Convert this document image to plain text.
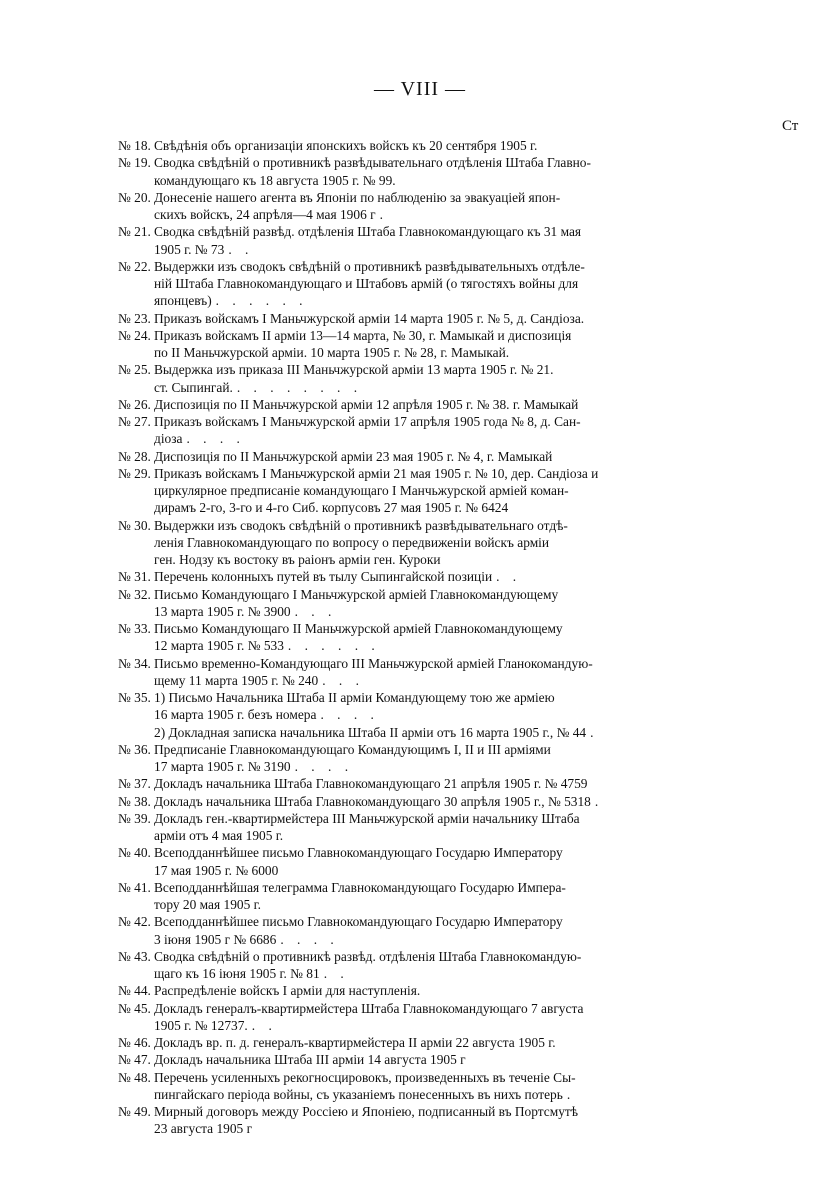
— VIII —
Ст
№ 18. Свѣдѣнія объ организаціи японскихъ войскъ къ 20 сентября 1905 г.
№ 19. Сводка свѣдѣній о противникѣ развѣдывательнаго отдѣленія Штаба Главно-
командующаго къ 18 августа 1905 г. № 99.
№ 20. Донесеніе нашего агента въ Японіи по наблюденію за эвакуаціей япон-
скихъ войскъ, 24 апрѣля—4 мая 1906 г .
№ 21. Сводка свѣдѣній развѣд. отдѣленія Штаба Главнокомандующаго къ 31 мая
1905 г. № 73 . .
№ 22. Выдержки изъ сводокъ свѣдѣній о противникѣ развѣдывательныхъ отдѣле-
ній Штаба Главнокомандующаго и Штабовъ армій (о тягостяхъ войны для
японцевъ) . . . . . .
№ 23. Приказъ войскамъ I Маньчжурской арміи 14 марта 1905 г. № 5, д. Сандіоза.
№ 24. Приказъ войскамъ II арміи 13—14 марта, № 30, г. Мамыкай и диспозиція
по II Маньчжурской арміи. 10 марта 1905 г. № 28, г. Мамыкай.
№ 25. Выдержка изъ приказа III Маньчжурской арміи 13 марта 1905 г. № 21.
ст. Сыпингай. . . . . . . . .
№ 26. Диспозиція по II Маньчжурской арміи 12 апрѣля 1905 г. № 38. г. Мамыкай
№ 27. Приказъ войскамъ I Маньчжурской арміи 17 апрѣля 1905 года № 8, д. Сан-
діоза . . . .
№ 28. Диспозиція по II Маньчжурской арміи 23 мая 1905 г. № 4, г. Мамыкай
№ 29. Приказъ войскамъ I Маньчжурской арміи 21 мая 1905 г. № 10, дер. Сандіоза и
циркулярное предписаніе командующаго I Манчьжурской арміей коман-
дирамъ 2-го, 3-го и 4-го Сиб. корпусовъ 27 мая 1905 г. № 6424
№ 30. Выдержки изъ сводокъ свѣдѣній о противникѣ развѣдывательнаго отдѣ-
ленія Главнокомандующаго по вопросу о передвиженіи войскъ арміи
ген. Нодзу къ востоку въ раіонъ арміи ген. Куроки
№ 31. Перечень колонныхъ путей въ тылу Сыпингайской позиціи . .
№ 32. Письмо Командующаго I Маньчжурской арміей Главнокомандующему
13 марта 1905 г. № 3900 . . .
№ 33. Письмо Командующаго II Маньчжурской арміей Главнокомандующему
12 марта 1905 г. № 533 . . . . . .
№ 34. Письмо временно-Командующаго III Маньчжурской арміей Гланокомандую-
щему 11 марта 1905 г. № 240 . . .
№ 35. 1) Письмо Начальника Штаба II арміи Командующему тою же арміею
16 марта 1905 г. безъ номера . . . .
2) Докладная записка начальника Штаба II арміи отъ 16 марта 1905 г., № 44 .
№ 36. Предписаніе Главнокомандующаго Командующимъ I, II и III арміями
17 марта 1905 г. № 3190 . . . .
№ 37. Докладъ начальника Штаба Главнокомандующаго 21 апрѣля 1905 г. № 4759
№ 38. Докладъ начальника Штаба Главнокомандующаго 30 апрѣля 1905 г., № 5318 .
№ 39. Докладъ ген.-квартирмейстера III Маньчжурской арміи начальнику Штаба
арміи отъ 4 мая 1905 г.
№ 40. Всеподданнѣйшее письмо Главнокомандующаго Государю Императору
17 мая 1905 г. № 6000
№ 41. Всеподданнѣйшая телеграмма Главнокомандующаго Государю Импера-
тору 20 мая 1905 г.
№ 42. Всеподданнѣйшее письмо Главнокомандующаго Государю Императору
3 іюня 1905 г № 6686 . . . .
№ 43. Сводка свѣдѣній о противникѣ развѣд. отдѣленія Штаба Главнокомандую-
щаго къ 16 іюня 1905 г. № 81 . .
№ 44. Распредѣленіе войскъ I арміи для наступленія.
№ 45. Докладъ генералъ-квартирмейстера Штаба Главнокомандующаго 7 августа
1905 г. № 12737. . .
№ 46. Докладъ вр. п. д. генералъ-квартирмейстера II арміи 22 августа 1905 г.
№ 47. Докладъ начальника Штаба III арміи 14 августа 1905 г
№ 48. Перечень усиленныхъ рекогносцировокъ, произведенныхъ въ теченіе Сы-
пингайскаго періода войны, съ указаніемъ понесенныхъ въ нихъ потерь .
№ 49. Мирный договоръ между Россіею и Японіею, подписанный въ Портсмутѣ
23 августа 1905 г
